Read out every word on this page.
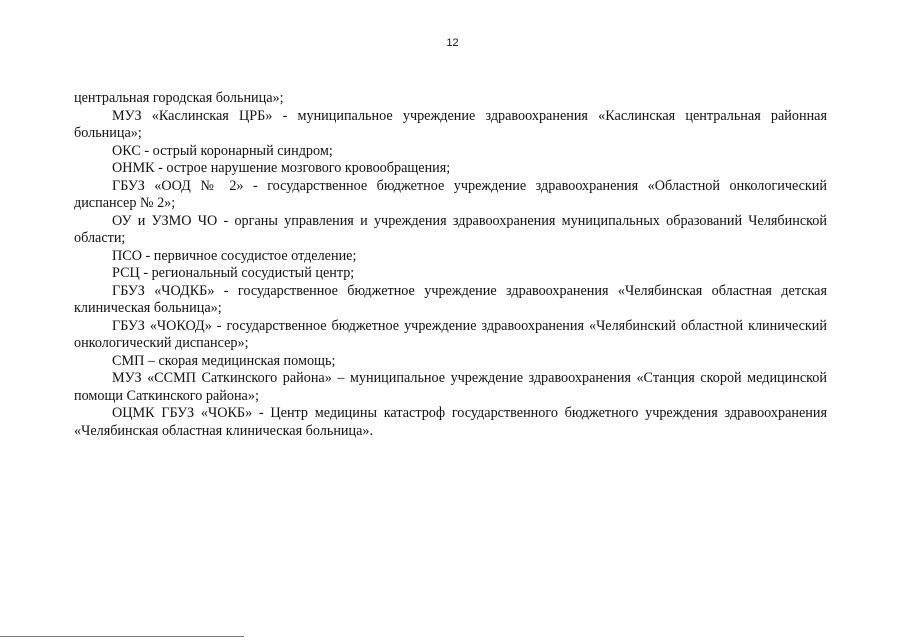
12

центральная городская больница»;

МУЗ «Каслинская ЦРБ» - муниципальное учреждение здравоохранения «Каслинская центральная районная больница»;

ОКС - острый коронарный синдром;

ОНМК - острое нарушение мозгового кровообращения;

ГБУЗ «ООД № 2» - государственное бюджетное учреждение здравоохранения «Областной онкологический диспансер № 2»;

ОУ и УЗМО ЧО - органы управления и учреждения здравоохранения муниципальных образований Челябинской области;

ПСО - первичное сосудистое отделение;

РСЦ - региональный сосудистый центр;

ГБУЗ «ЧОДКБ» - государственное бюджетное учреждение здравоохранения «Челябинская областная детская клиническая больница»;

ГБУЗ «ЧОКОД» - государственное бюджетное учреждение здравоохранения «Челябинский областной клинический онкологический диспансер»;

СМП – скорая медицинская помощь;

МУЗ «ССМП Саткинского района» – муниципальное учреждение здравоохранения «Станция скорой медицинской помощи Саткинского района»;

ОЦМК ГБУЗ «ЧОКБ» - Центр медицины катастроф государственного бюджетного учреждения здравоохранения «Челябинская областная клиническая больница».
